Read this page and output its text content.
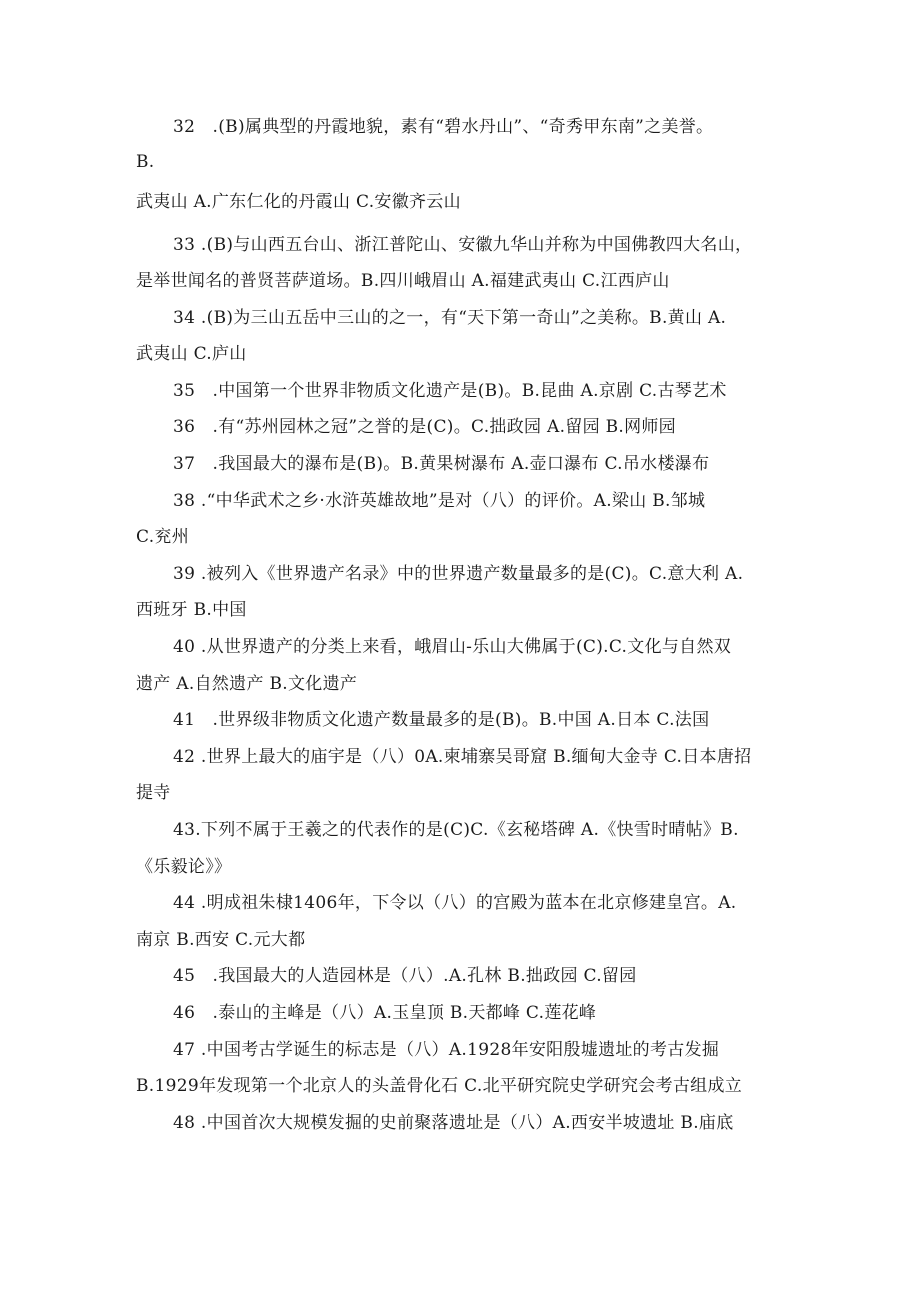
32　.(B)属典型的丹霞地貌，素有“碧水丹山”、“奇秀甲东南”之美誉。
B.
武夷山 A.广东仁化的丹霞山 C.安徽齐云山
33 .(B)与山西五台山、浙江普陀山、安徽九华山并称为中国佛教四大名山，
是举世闻名的普贤菩萨道场。B.四川峨眉山 A.福建武夷山 C.江西庐山
34 .(B)为三山五岳中三山的之一，有“天下第一奇山”之美称。B.黄山 A.
武夷山 C.庐山
35　.中国第一个世界非物质文化遗产是(B)。B.昆曲 A.京剧 C.古琴艺术
36　.有“苏州园林之冠”之誉的是(C)。C.拙政园 A.留园 B.网师园
37　.我国最大的瀑布是(B)。B.黄果树瀑布 A.壶口瀑布 C.吊水楼瀑布
38 .“中华武术之乡·水浒英雄故地”是对（八）的评价。A.梁山 B.邹城
C.兖州
39 .被列入《世界遗产名录》中的世界遗产数量最多的是(C)。C.意大利 A.
西班牙 B.中国
40 .从世界遗产的分类上来看，峨眉山-乐山大佛属于(C).C.文化与自然双
遗产 A.自然遗产 B.文化遗产
41　.世界级非物质文化遗产数量最多的是(B)。B.中国 A.日本 C.法国
42 .世界上最大的庙宇是（八）0A.柬埔寨吴哥窟 B.缅甸大金寺 C.日本唐招
提寺
43.下列不属于王羲之的代表作的是(C)C.《玄秘塔碑 A.《快雪时晴帖》B.
《乐毅论》》
44 .明成祖朱棣1406年，下令以（八）的宫殿为蓝本在北京修建皇宫。A.
南京 B.西安 C.元大都
45　.我国最大的人造园林是（八）.A.孔林 B.拙政园 C.留园
46　.泰山的主峰是（八）A.玉皇顶 B.天都峰 C.莲花峰
47 .中国考古学诞生的标志是（八）A.1928年安阳殷墟遗址的考古发掘
B.1929年发现第一个北京人的头盖骨化石 C.北平研究院史学研究会考古组成立
48 .中国首次大规模发掘的史前聚落遗址是（八）A.西安半坡遗址 B.庙底
